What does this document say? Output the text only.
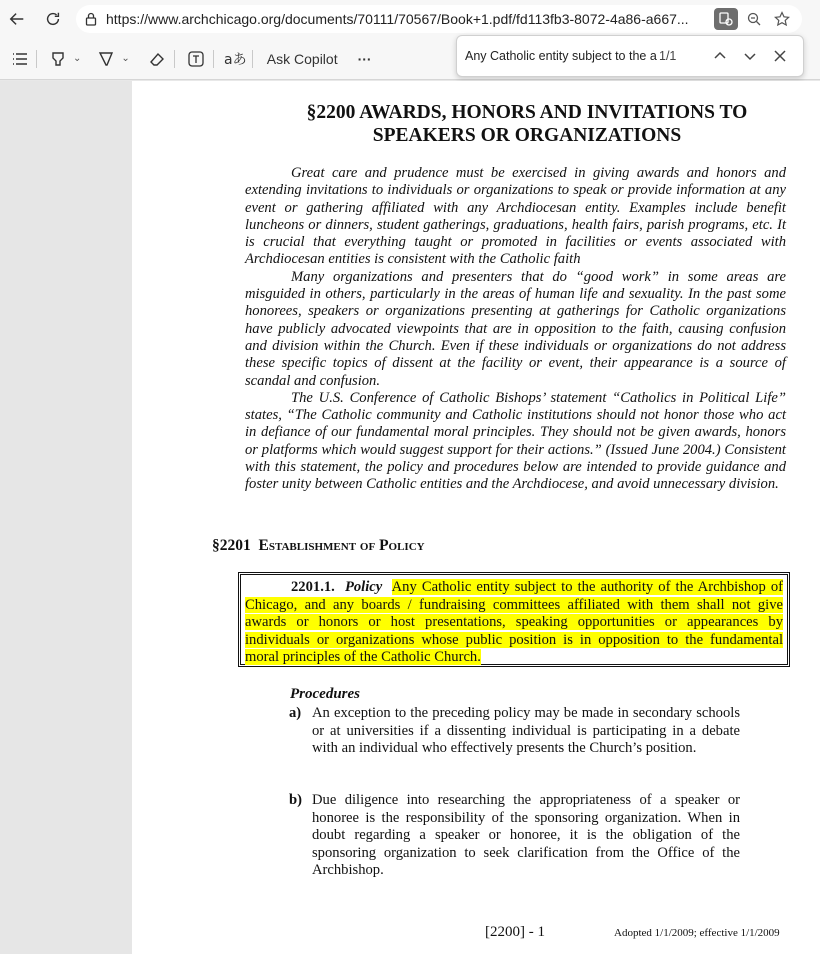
https://www.archchicago.org/documents/70111/70567/Book+1.pdf/fd113fb3-8072-4a86-a667...
⌄	⌄	aあ Ask Copilot ···	Any Catholic entity subject to the a 1/1
§2200 AWARDS, HONORS AND INVITATIONS TO
SPEAKERS OR ORGANIZATIONS

Great care and prudence must be exercised in giving awards and honors and extending invitations to individuals or organizations to speak or provide information at any event or gathering affiliated with any Archdiocesan entity. Examples include benefit luncheons or dinners, student gatherings, graduations, health fairs, parish programs, etc. It is crucial that everything taught or promoted in facilities or events associated with Archdiocesan entities is consistent with the Catholic faith

Many organizations and presenters that do “good work” in some areas are misguided in others, particularly in the areas of human life and sexuality. In the past some honorees, speakers or organizations presenting at gatherings for Catholic organizations have publicly advocated viewpoints that are in opposition to the faith, causing confusion and division within the Church. Even if these individuals or organizations do not address these specific topics of dissent at the facility or event, their appearance is a source of scandal and confusion.

The U.S. Conference of Catholic Bishops’ statement “Catholics in Political Life” states, “The Catholic community and Catholic institutions should not honor those who act in defiance of our fundamental moral principles. They should not be given awards, honors or platforms which would suggest support for their actions.” (Issued June 2004.) Consistent with this statement, the policy and procedures below are intended to provide guidance and foster unity between Catholic entities and the Archdiocese, and avoid unnecessary division.

§2201 Establishment of Policy
2201.1. Policy Any Catholic entity subject to the authority of the Archbishop of Chicago, and any boards / fundraising committees affiliated with them shall not give awards or honors or host presentations, speaking opportunities or appearances by individuals or organizations whose public position is in opposition to the fundamental moral principles of the Catholic Church.
Procedures
a) An exception to the preceding policy may be made in secondary schools or at universities if a dissenting individual is participating in a debate with an individual who effectively presents the Church’s position.
b) Due diligence into researching the appropriateness of a speaker or honoree is the responsibility of the sponsoring organization. When in doubt regarding a speaker or honoree, it is the obligation of the sponsoring organization to seek clarification from the Office of the Archbishop.
[2200] - 1	Adopted 1/1/2009; effective 1/1/2009
